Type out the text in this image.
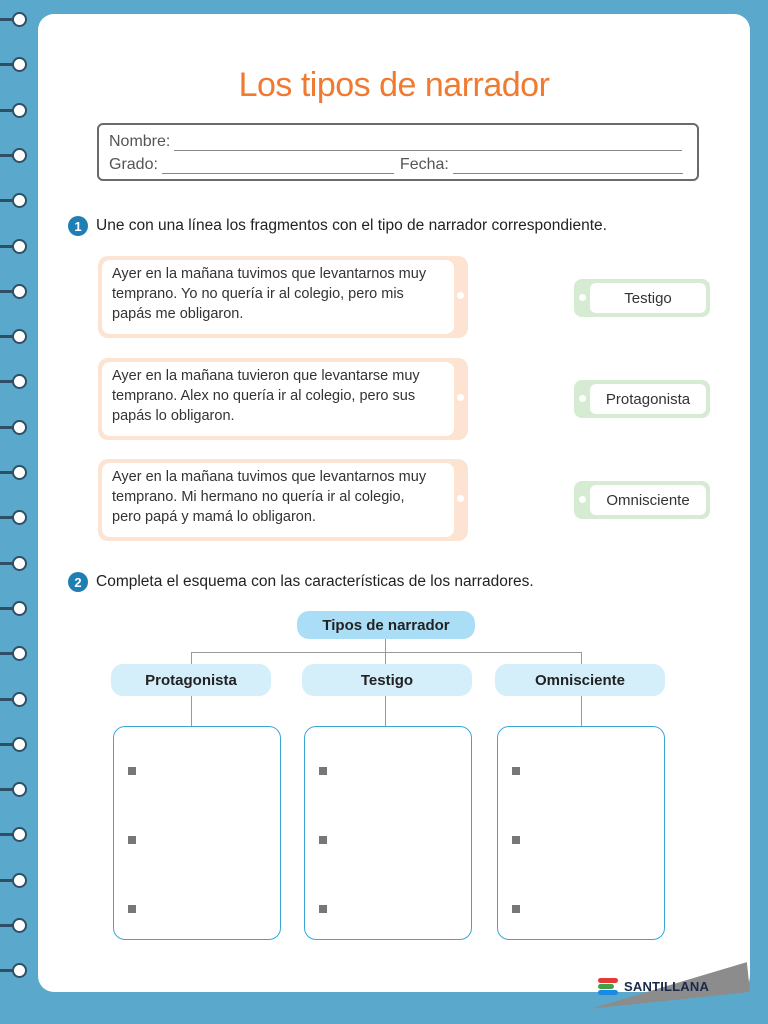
Los tipos de narrador
Nombre:
Grado:	Fecha:
1 Une con una línea los fragmentos con el tipo de narrador correspondiente.
Ayer en la mañana tuvimos que levantarnos muy
temprano. Yo no quería ir al colegio, pero mis
papás me obligaron.
Ayer en la mañana tuvieron que levantarse muy
temprano. Alex no quería ir al colegio, pero sus
papás lo obligaron.
Ayer en la mañana tuvimos que levantarnos muy
temprano. Mi hermano no quería ir al colegio,
pero papá y mamá lo obligaron.
Testigo
Protagonista
Omnisciente
2 Completa el esquema con las características de los narradores.
Tipos de narrador
Protagonista	Testigo	Omnisciente
SANTILLANA
